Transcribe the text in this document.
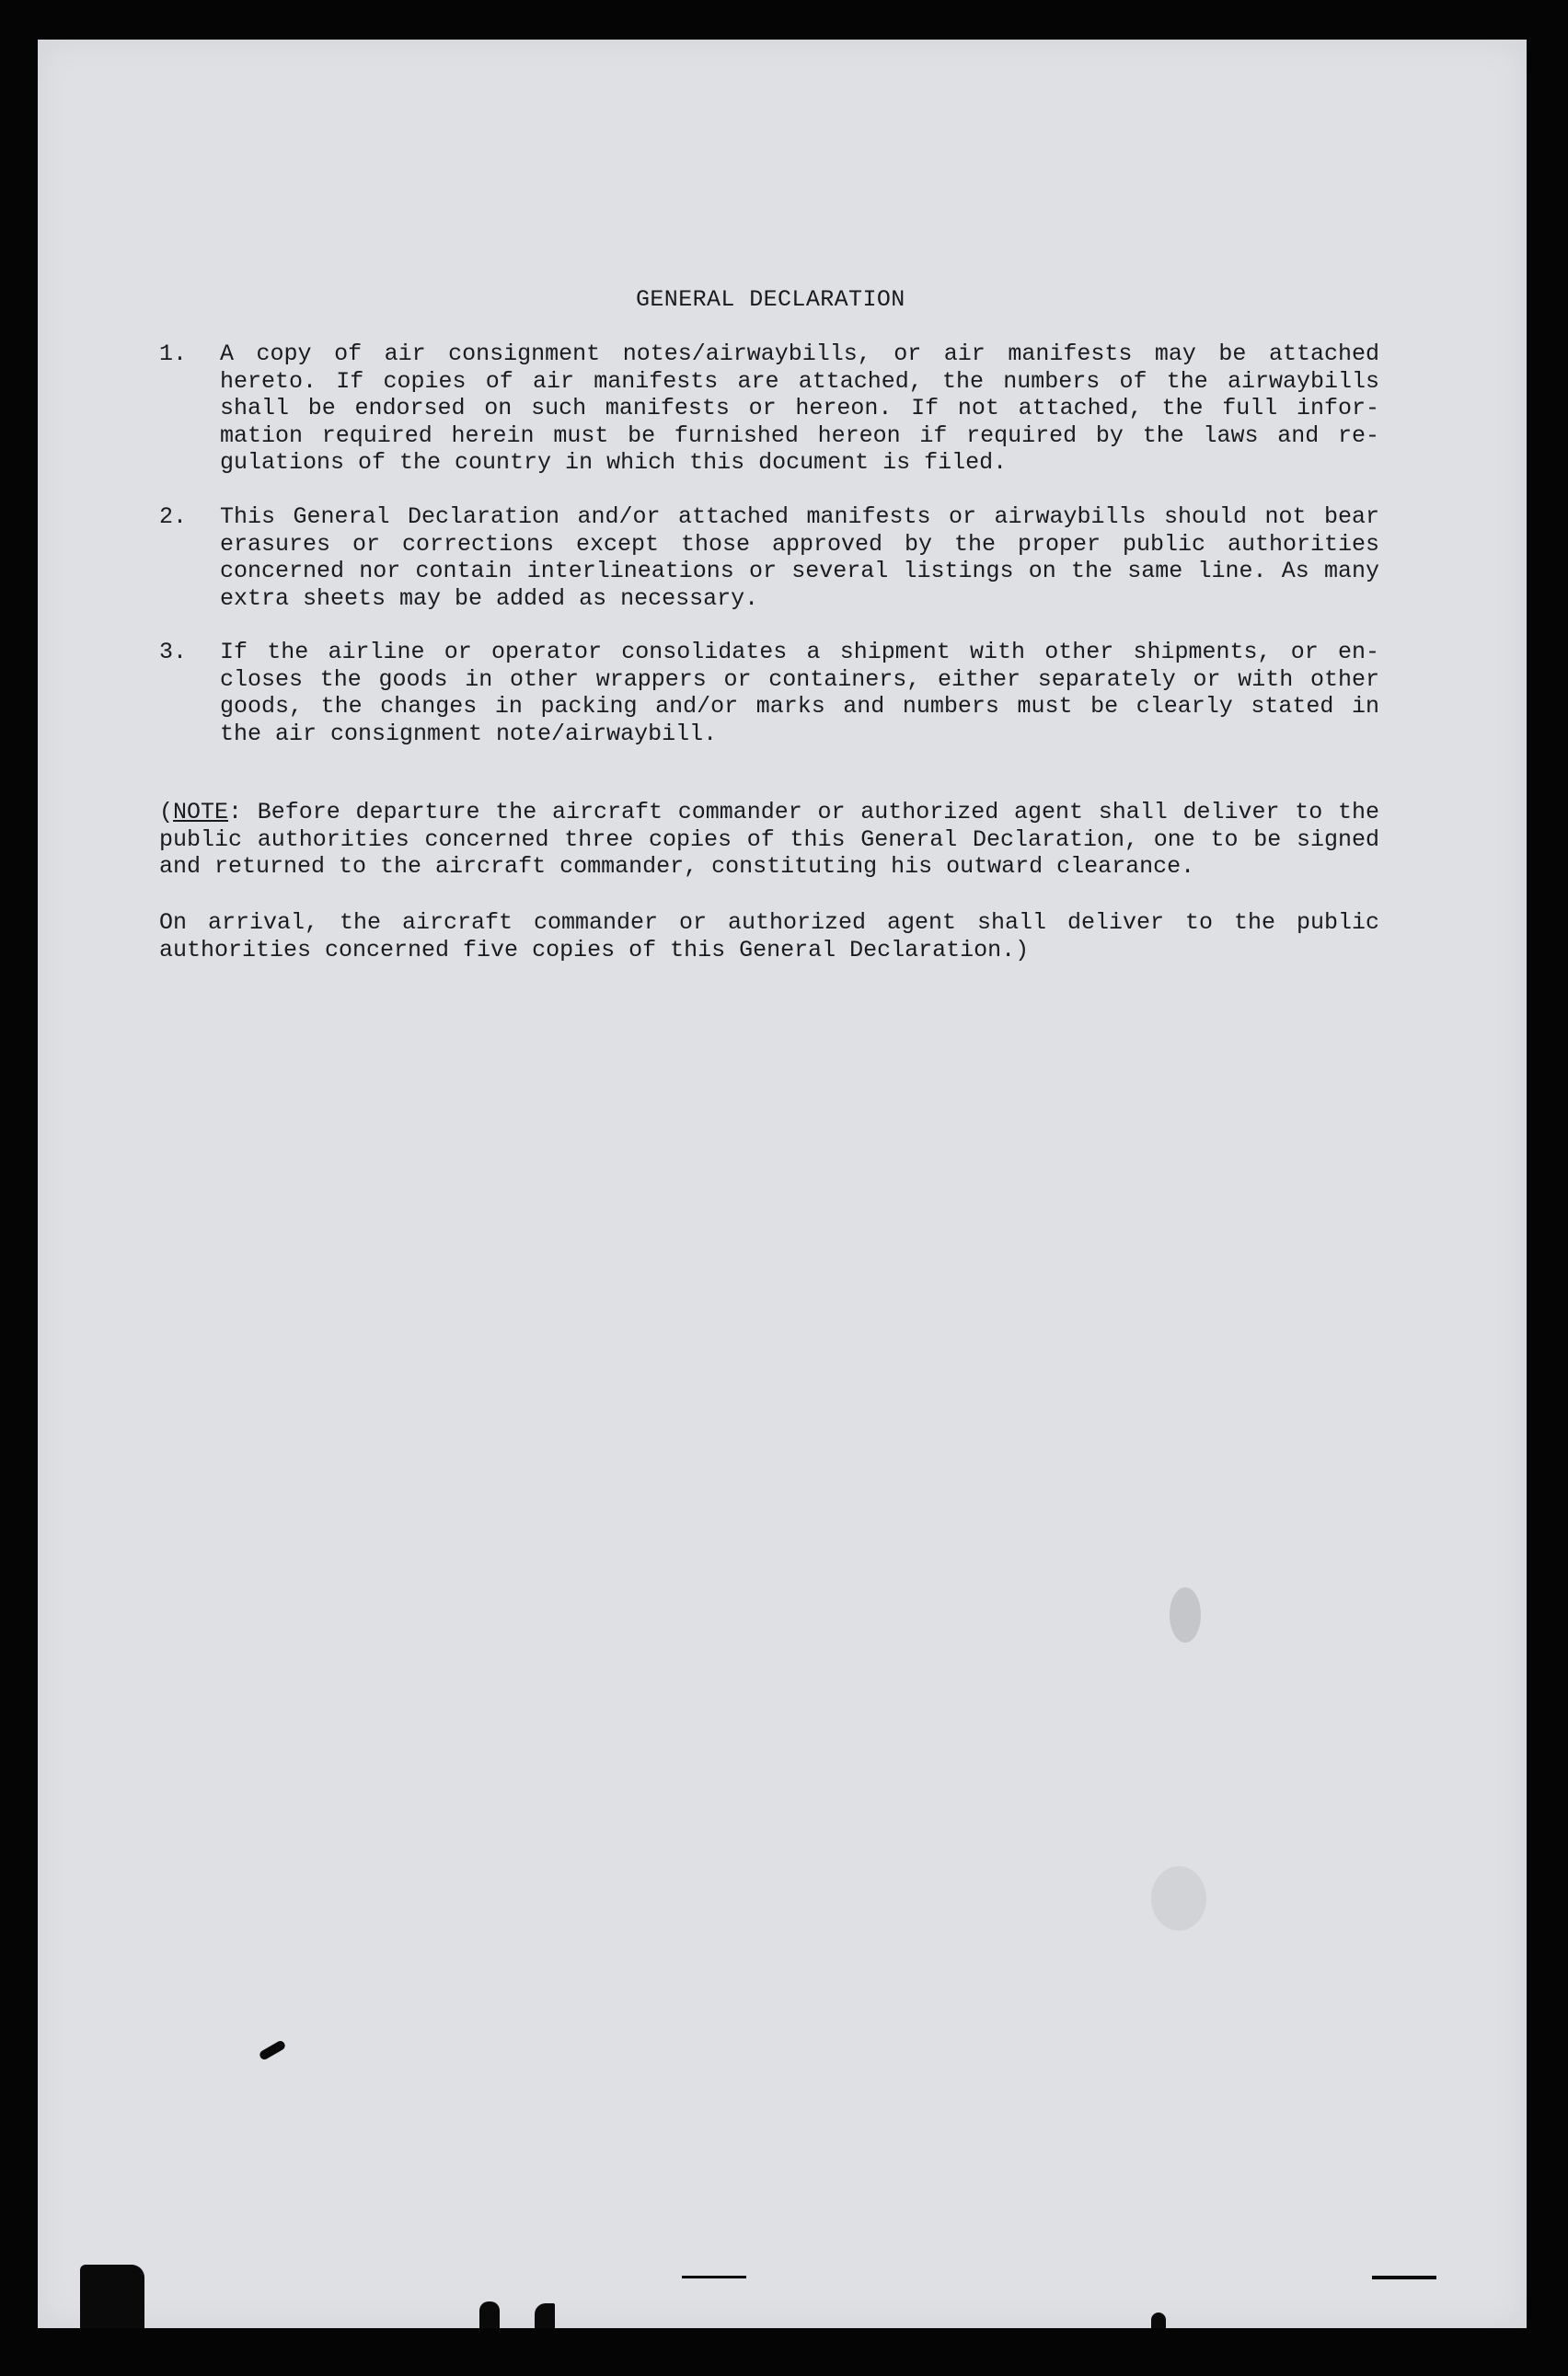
GENERAL DECLARATION
1. A copy of air consignment notes/airwaybills, or air manifests may be attached hereto. If copies of air manifests are attached, the numbers of the airwaybills shall be endorsed on such manifests or hereon. If not attached, the full infor-mation required herein must be furnished hereon if required by the laws and re-gulations of the country in which this document is filed.
2. This General Declaration and/or attached manifests or airwaybills should not bear erasures or corrections except those approved by the proper public authorities concerned nor contain interlineations or several listings on the same line. As many extra sheets may be added as necessary.
3. If the airline or operator consolidates a shipment with other shipments, or en-closes the goods in other wrappers or containers, either separately or with other goods, the changes in packing and/or marks and numbers must be clearly stated in the air consignment note/airwaybill.
(NOTE: Before departure the aircraft commander or authorized agent shall deliver to the public authorities concerned three copies of this General Declaration, one to be signed and returned to the aircraft commander, constituting his outward clearance.
On arrival, the aircraft commander or authorized agent shall deliver to the public authorities concerned five copies of this General Declaration.)
